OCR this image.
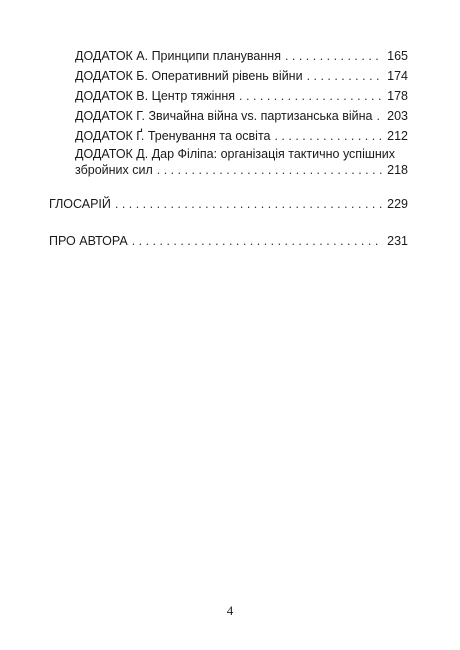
ДОДАТОК А. Принципи планування . . .	165
ДОДАТОК Б. Оперативний рівень війни . . .	174
ДОДАТОК В. Центр тяжіння . . .	178
ДОДАТОК Г. Звичайна війна vs. партизанська війна . . . 203
ДОДАТОК Ґ. Тренування та освіта . . .	212
ДОДАТОК Д. Дар Філіпа: організація тактично успішних
збройних сил . . .	218
ГЛОСАРІЙ . . .	229
ПРО АВТОРА . . .	231
4
